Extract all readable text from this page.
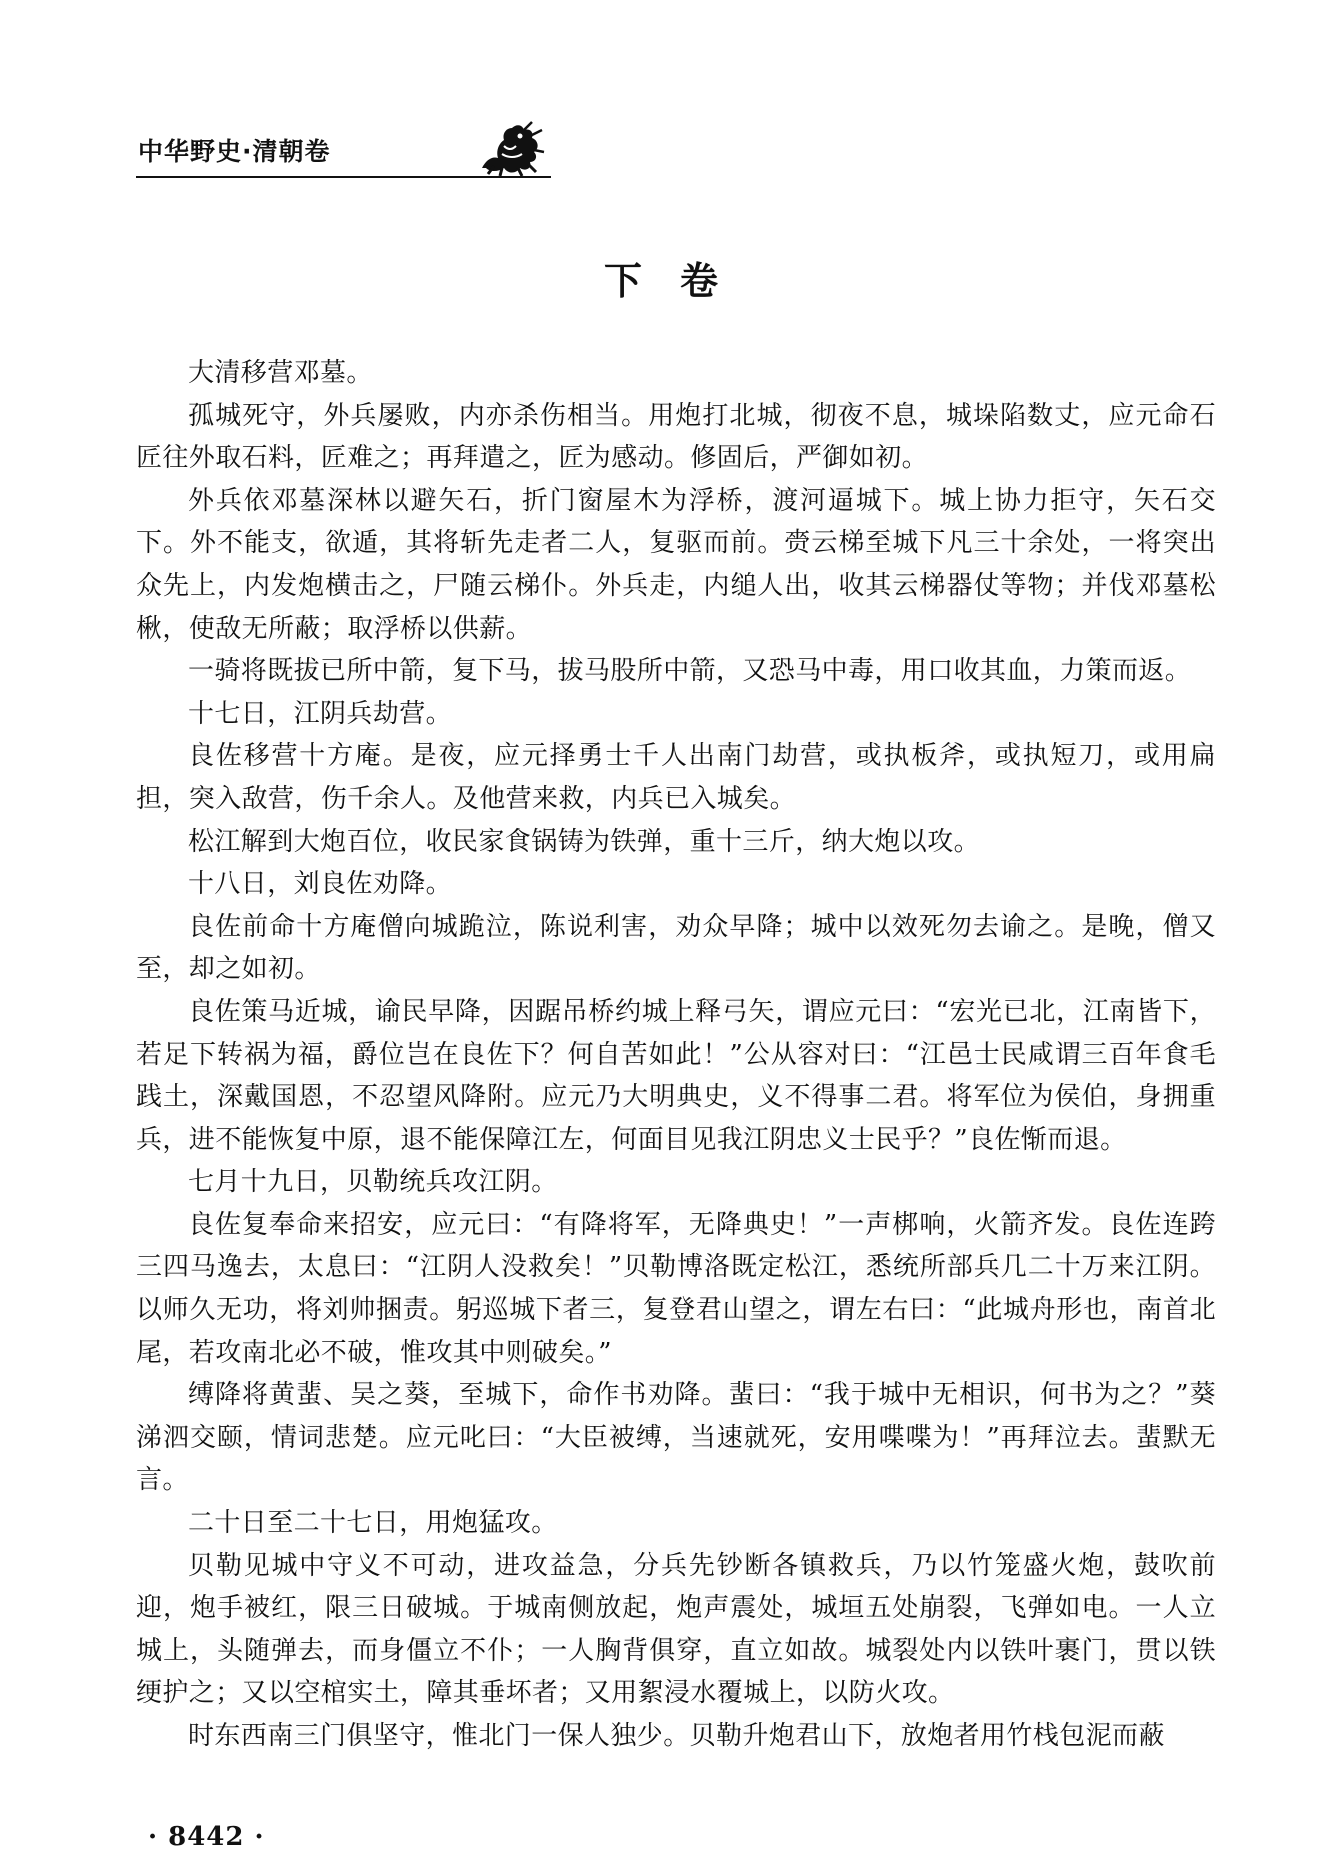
中华野史·清朝卷
下卷

大清移营邓墓。

孤城死守，外兵屡败，内亦杀伤相当。用炮打北城，彻夜不息，城垛陷数丈，应元命石匠往外取石料，匠难之；再拜遣之，匠为感动。修固后，严御如初。

外兵依邓墓深林以避矢石，折门窗屋木为浮桥，渡河逼城下。城上协力拒守，矢石交下。外不能支，欲遁，其将斩先走者二人，复驱而前。赍云梯至城下凡三十余处，一将突出众先上，内发炮横击之，尸随云梯仆。外兵走，内缒人出，收其云梯器仗等物；并伐邓墓松楸，使敌无所蔽；取浮桥以供薪。

一骑将既拔已所中箭，复下马，拔马股所中箭，又恐马中毒，用口收其血，力策而返。

十七日，江阴兵劫营。

良佐移营十方庵。是夜，应元择勇士千人出南门劫营，或执板斧，或执短刀，或用扁担，突入敌营，伤千余人。及他营来救，内兵已入城矣。

松江解到大炮百位，收民家食锅铸为铁弹，重十三斤，纳大炮以攻。

十八日，刘良佐劝降。

良佐前命十方庵僧向城跪泣，陈说利害，劝众早降；城中以效死勿去谕之。是晚，僧又至，却之如初。

良佐策马近城，谕民早降，因踞吊桥约城上释弓矢，谓应元曰：“宏光已北，江南皆下，若足下转祸为福，爵位岂在良佐下？何自苦如此！”公从容对曰：“江邑士民咸谓三百年食毛践土，深戴国恩，不忍望风降附。应元乃大明典史，义不得事二君。将军位为侯伯，身拥重兵，进不能恢复中原，退不能保障江左，何面目见我江阴忠义士民乎？”良佐惭而退。

七月十九日，贝勒统兵攻江阴。

良佐复奉命来招安，应元曰：“有降将军，无降典史！”一声梆响，火箭齐发。良佐连跨三四马逸去，太息曰：“江阴人没救矣！”贝勒博洛既定松江，悉统所部兵几二十万来江阴。以师久无功，将刘帅捆责。躬巡城下者三，复登君山望之，谓左右曰：“此城舟形也，南首北尾，若攻南北必不破，惟攻其中则破矣。”

缚降将黄蜚、吴之葵，至城下，命作书劝降。蜚曰：“我于城中无相识，何书为之？”葵涕泗交颐，情词悲楚。应元叱曰：“大臣被缚，当速就死，安用喋喋为！”再拜泣去。蜚默无言。

二十日至二十七日，用炮猛攻。

贝勒见城中守义不可动，进攻益急，分兵先钞断各镇救兵，乃以竹笼盛火炮，鼓吹前迎，炮手被红，限三日破城。于城南侧放起，炮声震处，城垣五处崩裂，飞弹如电。一人立城上，头随弹去，而身僵立不仆；一人胸背俱穿，直立如故。城裂处内以铁叶裹门，贯以铁绠护之；又以空棺实土，障其垂坏者；又用絮浸水覆城上，以防火攻。

时东西南三门俱坚守，惟北门一保人独少。贝勒升炮君山下，放炮者用竹栈包泥而蔽

· 8442 ·
